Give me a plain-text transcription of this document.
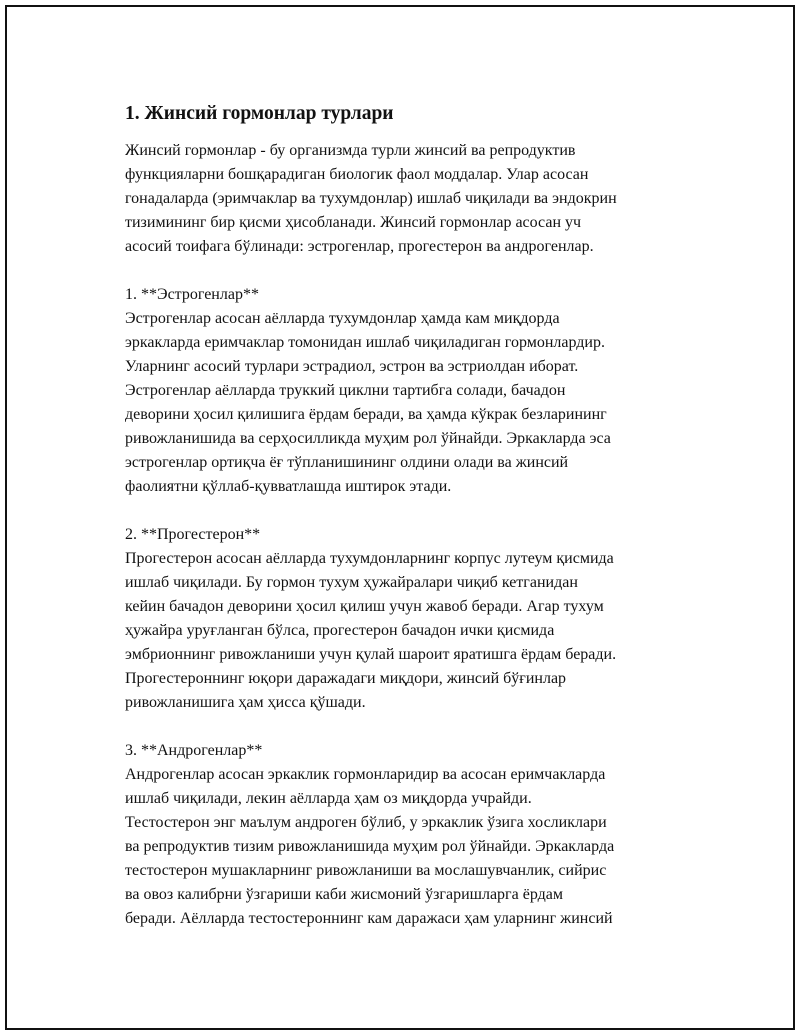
1. Жинсий гормонлар турлари
Жинсий гормонлар - бу организмда турли жинсий ва репродуктив
функцияларни бошқарадиган биологик фаол моддалар. Улар асосан
гонадаларда (эримчаклар ва тухумдонлар) ишлаб чиқилади ва эндокрин
тизимининг бир қисми ҳисобланади. Жинсий гормонлар асосан уч
асосий тоифага бўлинади: эстрогенлар, прогестерон ва андрогенлар.
1. **Эстрогенлар**
Эстрогенлар асосан аёлларда тухумдонлар ҳамда кам миқдорда
эркакларда еримчаклар томонидан ишлаб чиқиладиган гормонлардир.
Уларнинг асосий турлари эстрадиол, эстрон ва эстриолдан иборат.
Эстрогенлар аёлларда труккий циклни тартибга солади, бачадон
деворини ҳосил қилишига ёрдам беради, ва ҳамда кўкрак безларининг
ривожланишида ва серҳосилликда муҳим рол ўйнайди. Эркакларда эса
эстрогенлар ортиқча ёғ тўпланишининг олдини олади ва жинсий
фаолиятни қўллаб-қувватлашда иштирок этади.
2. **Прогестерон**
Прогестерон асосан аёлларда тухумдонларнинг корпус лутеум қисмида
ишлаб чиқилади. Бу гормон тухум ҳужайралари чиқиб кетганидан
кейин бачадон деворини ҳосил қилиш учун жавоб беради. Агар тухум
ҳужайра уруғланган бўлса, прогестерон бачадон ички қисмида
эмбрионнинг ривожланиши учун қулай шароит яратишга ёрдам беради.
Прогестероннинг юқори даражадаги миқдори, жинсий бўғинлар
ривожланишига ҳам ҳисса қўшади.
3. **Андрогенлар**
Андрогенлар асосан эркаклик гормонларидир ва асосан еримчакларда
ишлаб чиқилади, лекин аёлларда ҳам оз миқдорда учрайди.
Тестостерон энг маълум андроген бўлиб, у эркаклик ўзига хосликлари
ва репродуктив тизим ривожланишида муҳим рол ўйнайди. Эркакларда
тестостерон мушакларнинг ривожланиши ва мослашувчанлик, сийрис
ва овоз калибрни ўзгариши каби жисмоний ўзгаришларга ёрдам
беради. Аёлларда тестостероннинг кам даражаси ҳам уларнинг жинсий
